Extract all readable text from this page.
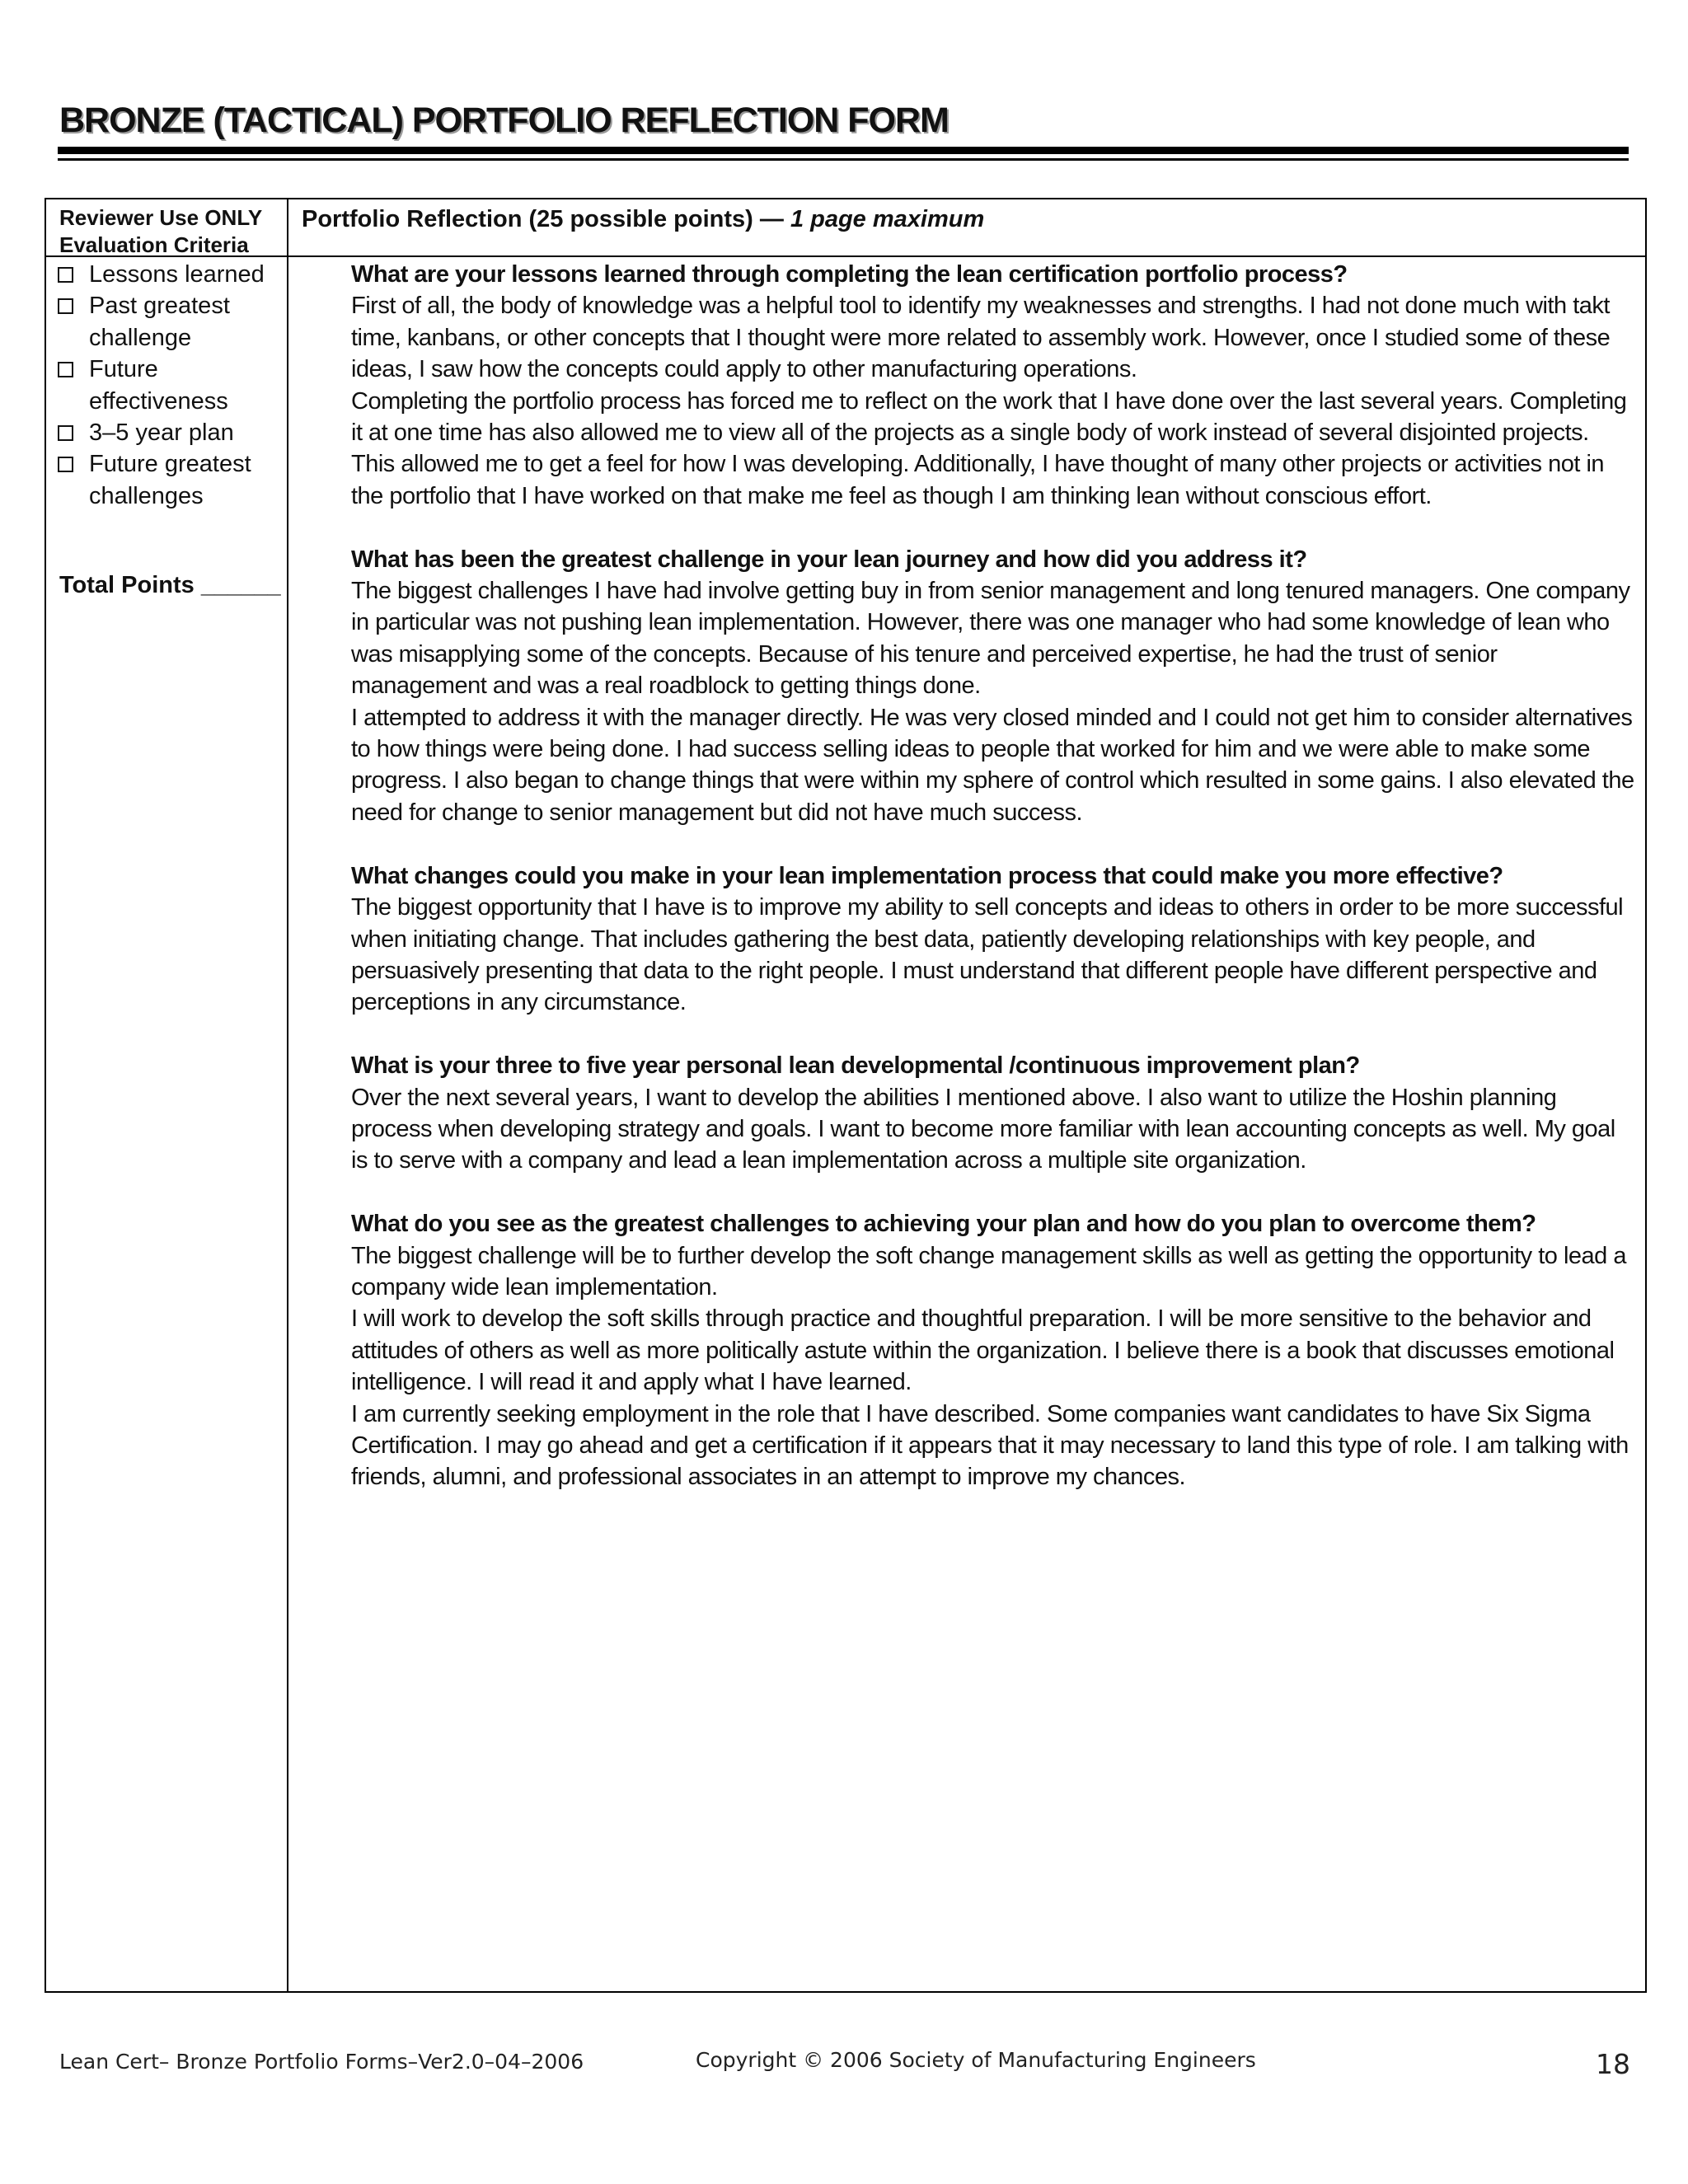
BRONZE (TACTICAL) PORTFOLIO REFLECTION FORM
Reviewer Use ONLY
Evaluation Criteria
Portfolio Reflection (25 possible points) — 1 page maximum
Lessons learned
Past greatest challenge
Future effectiveness
3–5 year plan
Future greatest challenges
Total Points ______

What are your lessons learned through completing the lean certification portfolio process?

First of all, the body of knowledge was a helpful tool to identify my weaknesses and strengths. I had not done much with takt time, kanbans, or other concepts that I thought were more related to assembly work. However, once I studied some of these ideas, I saw how the concepts could apply to other manufacturing operations.

Completing the portfolio process has forced me to reflect on the work that I have done over the last several years. Completing it at one time has also allowed me to view all of the projects as a single body of work instead of several disjointed projects. This allowed me to get a feel for how I was developing. Additionally, I have thought of many other projects or activities not in the portfolio that I have worked on that make me feel as though I am thinking lean without conscious effort.

What has been the greatest challenge in your lean journey and how did you address it?

The biggest challenges I have had involve getting buy in from senior management and long tenured managers. One company in particular was not pushing lean implementation. However, there was one manager who had some knowledge of lean who was misapplying some of the concepts. Because of his tenure and perceived expertise, he had the trust of senior management and was a real roadblock to getting things done.

I attempted to address it with the manager directly. He was very closed minded and I could not get him to consider alternatives to how things were being done. I had success selling ideas to people that worked for him and we were able to make some progress. I also began to change things that were within my sphere of control which resulted in some gains. I also elevated the need for change to senior management but did not have much success.

What changes could you make in your lean implementation process that could make you more effective?

The biggest opportunity that I have is to improve my ability to sell concepts and ideas to others in order to be more successful when initiating change. That includes gathering the best data, patiently developing relationships with key people, and persuasively presenting that data to the right people. I must understand that different people have different perspective and perceptions in any circumstance.

What is your three to five year personal lean developmental /continuous improvement plan?

Over the next several years, I want to develop the abilities I mentioned above. I also want to utilize the Hoshin planning process when developing strategy and goals. I want to become more familiar with lean accounting concepts as well. My goal is to serve with a company and lead a lean implementation across a multiple site organization.

What do you see as the greatest challenges to achieving your plan and how do you plan to overcome them?

The biggest challenge will be to further develop the soft change management skills as well as getting the opportunity to lead a company wide lean implementation.

I will work to develop the soft skills through practice and thoughtful preparation. I will be more sensitive to the behavior and attitudes of others as well as more politically astute within the organization. I believe there is a book that discusses emotional intelligence. I will read it and apply what I have learned.

I am currently seeking employment in the role that I have described. Some companies want candidates to have Six Sigma Certification. I may go ahead and get a certification if it appears that it may necessary to land this type of role. I am talking with friends, alumni, and professional associates in an attempt to improve my chances.

Lean Cert– Bronze Portfolio Forms–Ver2.0–04–2006	Copyright © 2006 Society of Manufacturing Engineers	18
